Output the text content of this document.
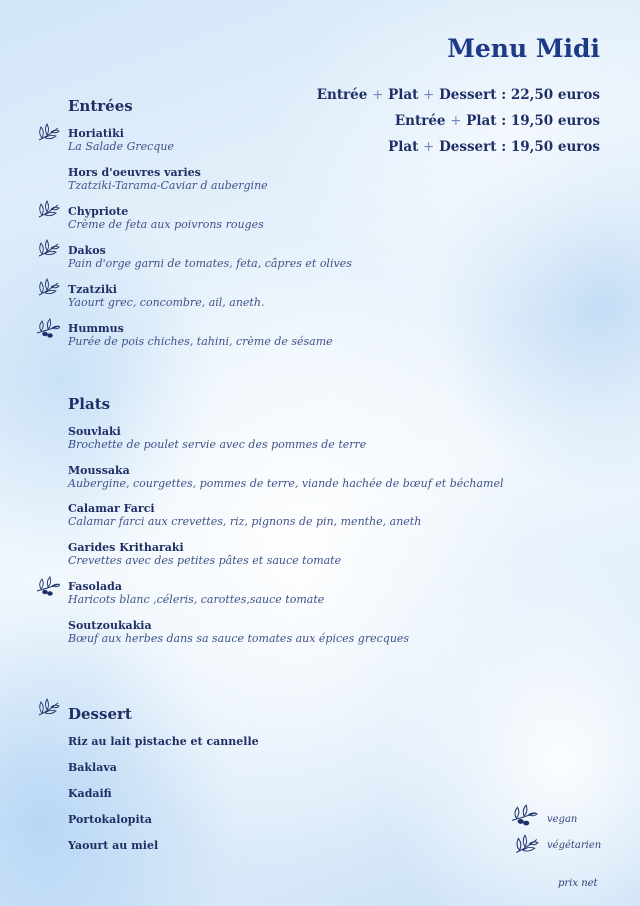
Menu Midi
Entrée + Plat + Dessert : 22,50 euros
Entrée + Plat : 19,50 euros
Plat + Dessert : 19,50 euros
Entrées
Horiatiki
La Salade Grecque
Hors d'oeuvres varies
Tzatziki-Tarama-Caviar d aubergine
Chypriote
Crème de feta aux poivrons rouges
Dakos
Pain d'orge garni de tomates, feta, câpres et olives
Tzatziki
Yaourt grec, concombre, ail, aneth.
Hummus
Purée de pois chiches, tahini, crème de sésame
Plats
Souvlaki
Brochette de poulet servie avec des pommes de terre
Moussaka
Aubergine, courgettes, pommes de terre, viande hachée de bœuf et béchamel
Calamar Farci
Calamar farci aux crevettes, riz, pignons de pin, menthe, aneth
Garides Kritharaki
Crevettes avec des petites pâtes et sauce tomate
Fasolada
Haricots blanc ,céleris, carottes,sauce tomate
Soutzoukakia
Bœuf aux herbes dans sa sauce tomates aux épices grecques
Dessert
Riz au lait pistache et cannelle
Baklava
Kadaifi
Portokalopita
Yaourt au miel
vegan
végétarien
prix net
